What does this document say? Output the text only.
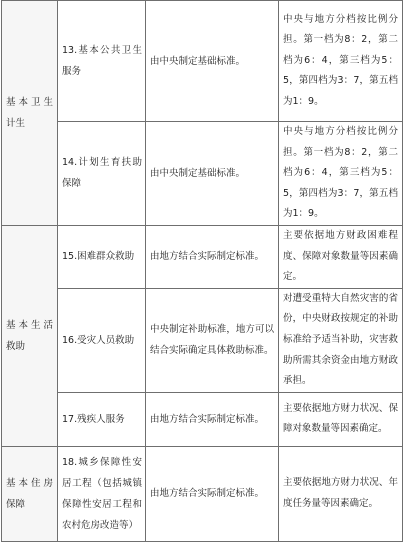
基本卫生计生	13.基本公共卫生服务	由中央制定基础标准。	中央与地方分档按比例分担。第一档为8：2，第二档为6：4，第三档为5：5，第四档为3：7，第五档为1：9。
	14.计划生育扶助保障	由中央制定基础标准。	中央与地方分档按比例分担。第一档为8：2，第二档为6：4，第三档为5：5，第四档为3：7，第五档为1：9。
基本生活救助	15.困难群众救助	由地方结合实际制定标准。	主要依据地方财政困难程度、保障对象数量等因素确定。
	16.受灾人员救助	中央制定补助标准，地方可以结合实际确定具体救助标准。	对遭受重特大自然灾害的省份，中央财政按规定的补助标准给予适当补助，灾害救助所需其余资金由地方财政承担。
	17.残疾人服务	由地方结合实际制定标准。	主要依据地方财力状况、保障对象数量等因素确定。
基本住房保障	18.城乡保障性安居工程（包括城镇保障性安居工程和农村危房改造等）	由地方结合实际制定标准。	主要依据地方财力状况、年度任务量等因素确定。
